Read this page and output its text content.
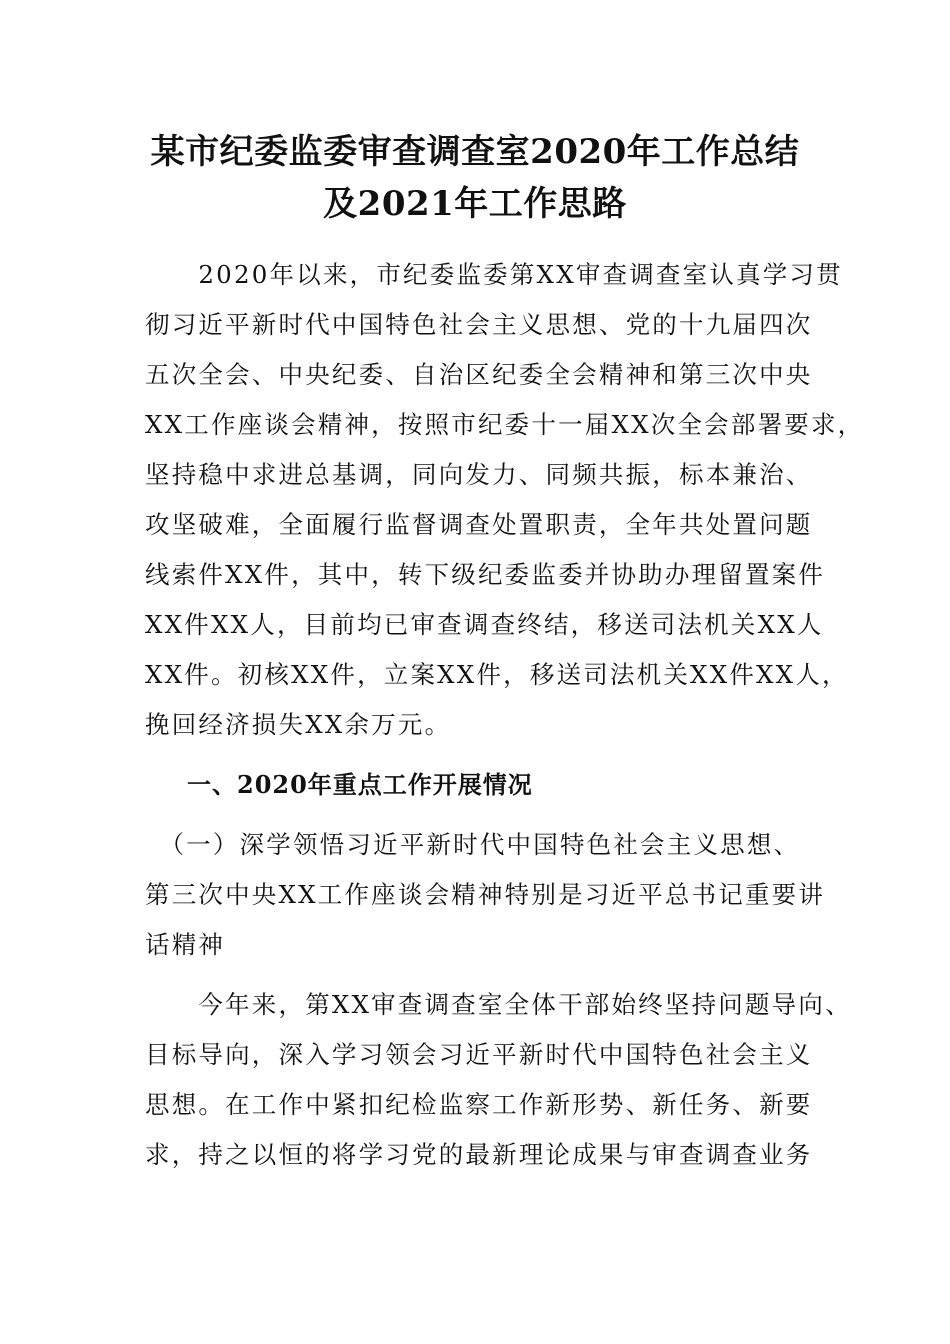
某市纪委监委审查调查室2020年工作总结
及2021年工作思路
　　2020年以来，市纪委监委第XX审查调查室认真学习贯
彻习近平新时代中国特色社会主义思想、党的十九届四次
五次全会、中央纪委、自治区纪委全会精神和第三次中央
XX工作座谈会精神，按照市纪委十一届XX次全会部署要求，
坚持稳中求进总基调，同向发力、同频共振，标本兼治、
攻坚破难，全面履行监督调查处置职责，全年共处置问题
线索件XX件，其中，转下级纪委监委并协助办理留置案件
XX件XX人，目前均已审查调查终结，移送司法机关XX人
XX件。初核XX件，立案XX件，移送司法机关XX件XX人，
挽回经济损失XX余万元。
一、2020年重点工作开展情况
　（一）深学领悟习近平新时代中国特色社会主义思想、
第三次中央XX工作座谈会精神特别是习近平总书记重要讲
话精神
　　今年来，第XX审查调查室全体干部始终坚持问题导向、
目标导向，深入学习领会习近平新时代中国特色社会主义
思想。在工作中紧扣纪检监察工作新形势、新任务、新要
求，持之以恒的将学习党的最新理论成果与审查调查业务
